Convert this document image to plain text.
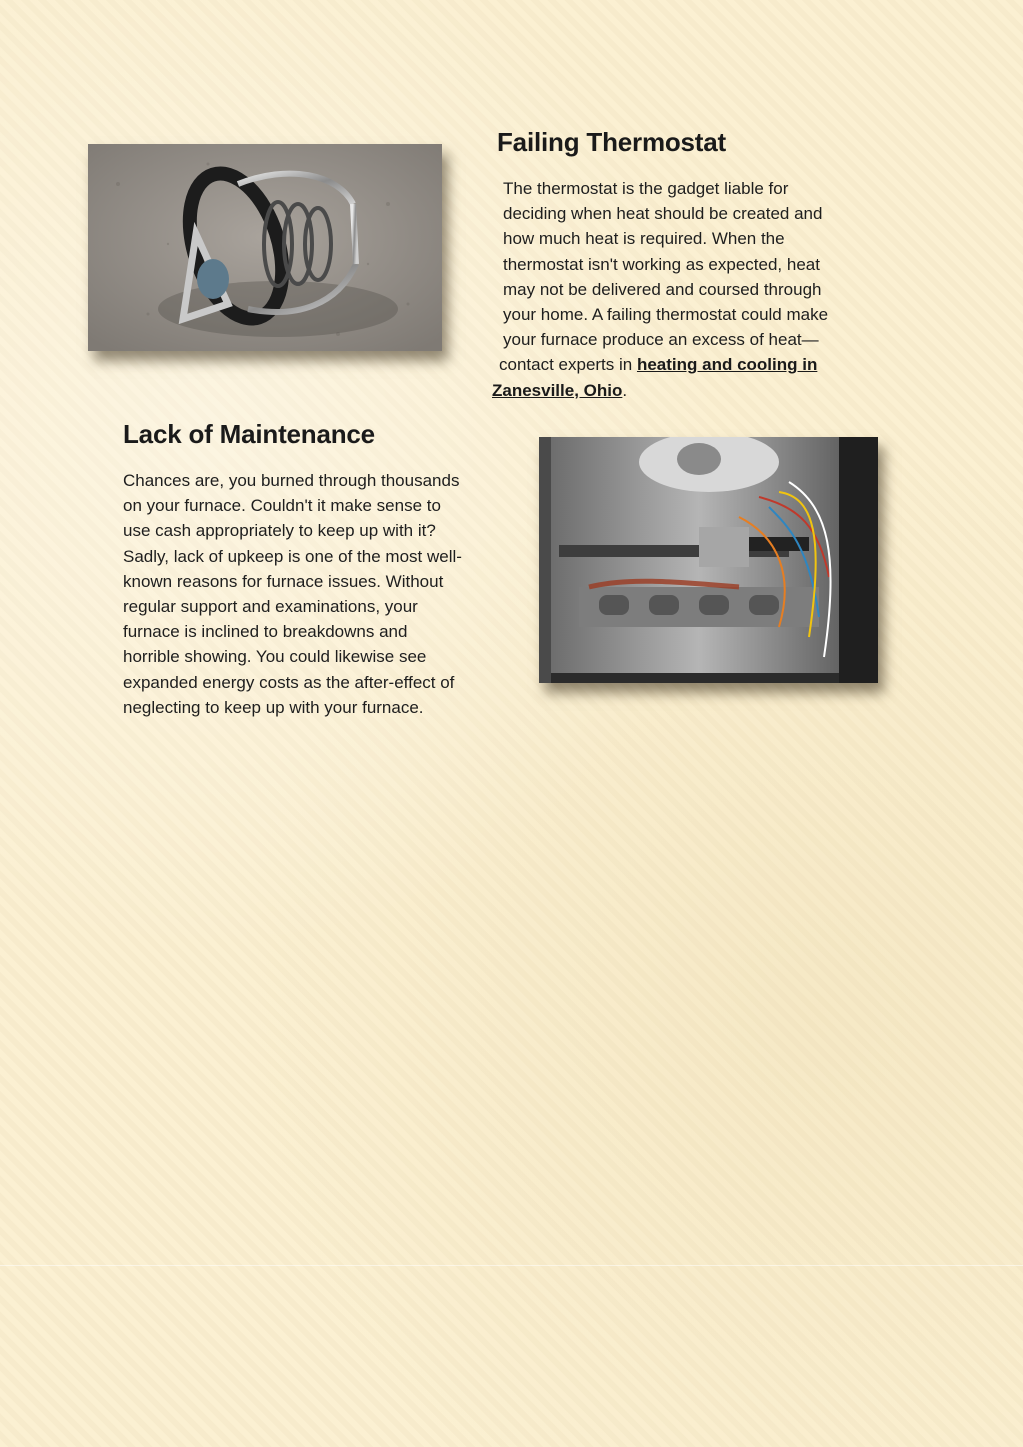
Failing Thermostat

The thermostat is the gadget liable for
deciding when heat should be created and
how much heat is required. When the
thermostat isn't working as expected, heat
may not be delivered and coursed through
your home. A failing thermostat could make
your furnace produce an excess of heat—
contact experts in heating and cooling in
Zanesville, Ohio.

Lack of Maintenance

Chances are, you burned through thousands
on your furnace. Couldn't it make sense to
use cash appropriately to keep up with it?
Sadly, lack of upkeep is one of the most well-
known reasons for furnace issues. Without
regular support and examinations, your
furnace is inclined to breakdowns and
horrible showing. You could likewise see
expanded energy costs as the after-effect of
neglecting to keep up with your furnace.
